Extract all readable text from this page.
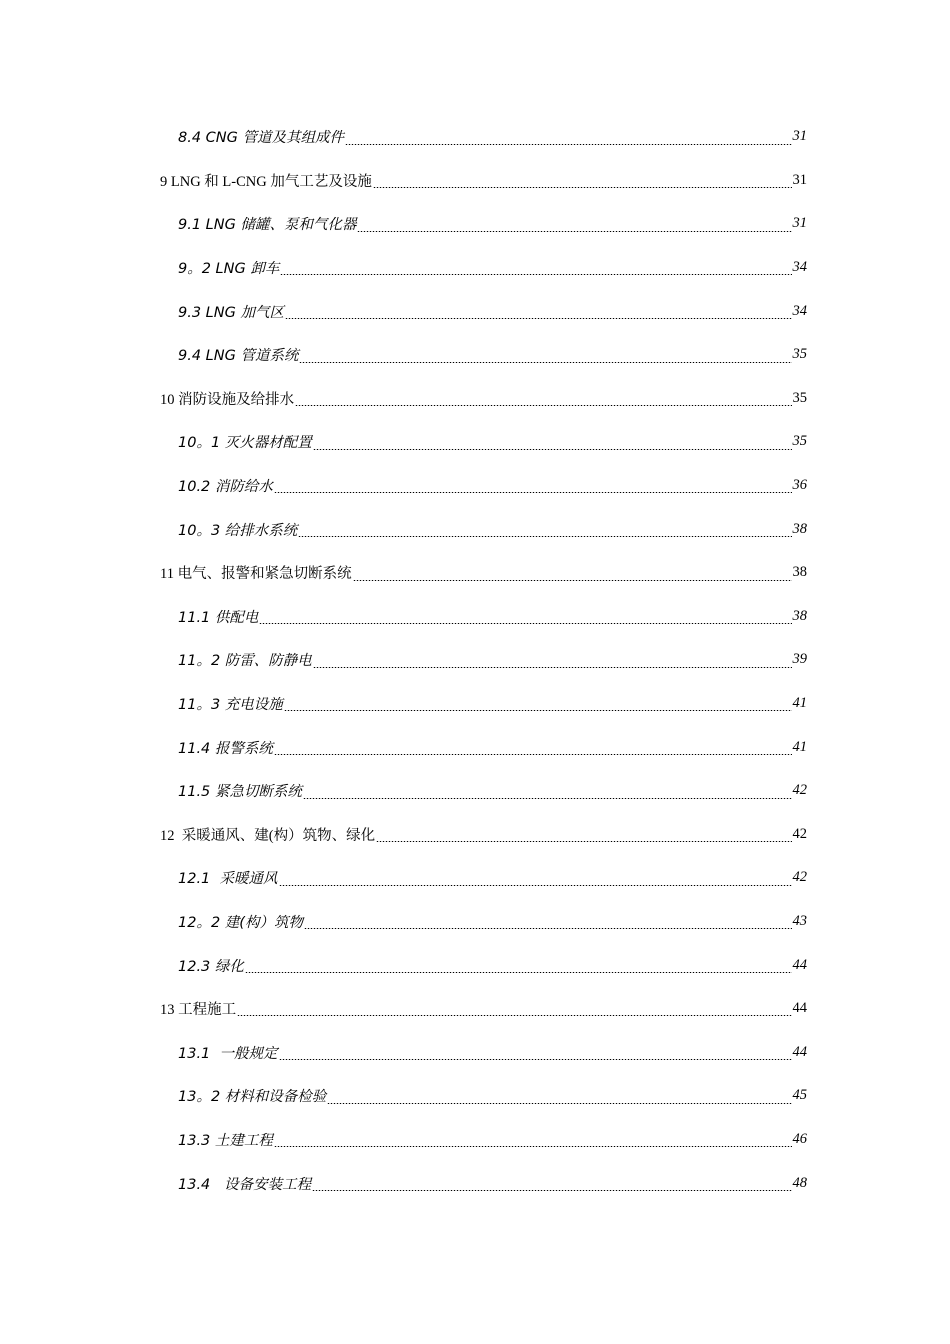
8.4 CNG 管道及其组成件	31
9 LNG 和 L-CNG 加气工艺及设施	31
9.1 LNG 储罐、泵和气化器	31
9。2 LNG 卸车	34
9.3 LNG 加气区	34
9.4 LNG 管道系统	35
10 消防设施及给排水	35
10。1 灭火器材配置	35
10.2 消防给水	36
10。3 给排水系统	38
11 电气、报警和紧急切断系统	38
11.1 供配电	38
11。2 防雷、防静电	39
11。3 充电设施	41
11.4 报警系统	41
11.5 紧急切断系统	42
12  采暖通风、建(构）筑物、绿化	42
12.1  采暖通风	42
12。2 建(构）筑物	43
12.3 绿化	44
13 工程施工	44
13.1  一般规定	44
13。2 材料和设备检验	45
13.3 土建工程	46
13.4   设备安装工程	48
